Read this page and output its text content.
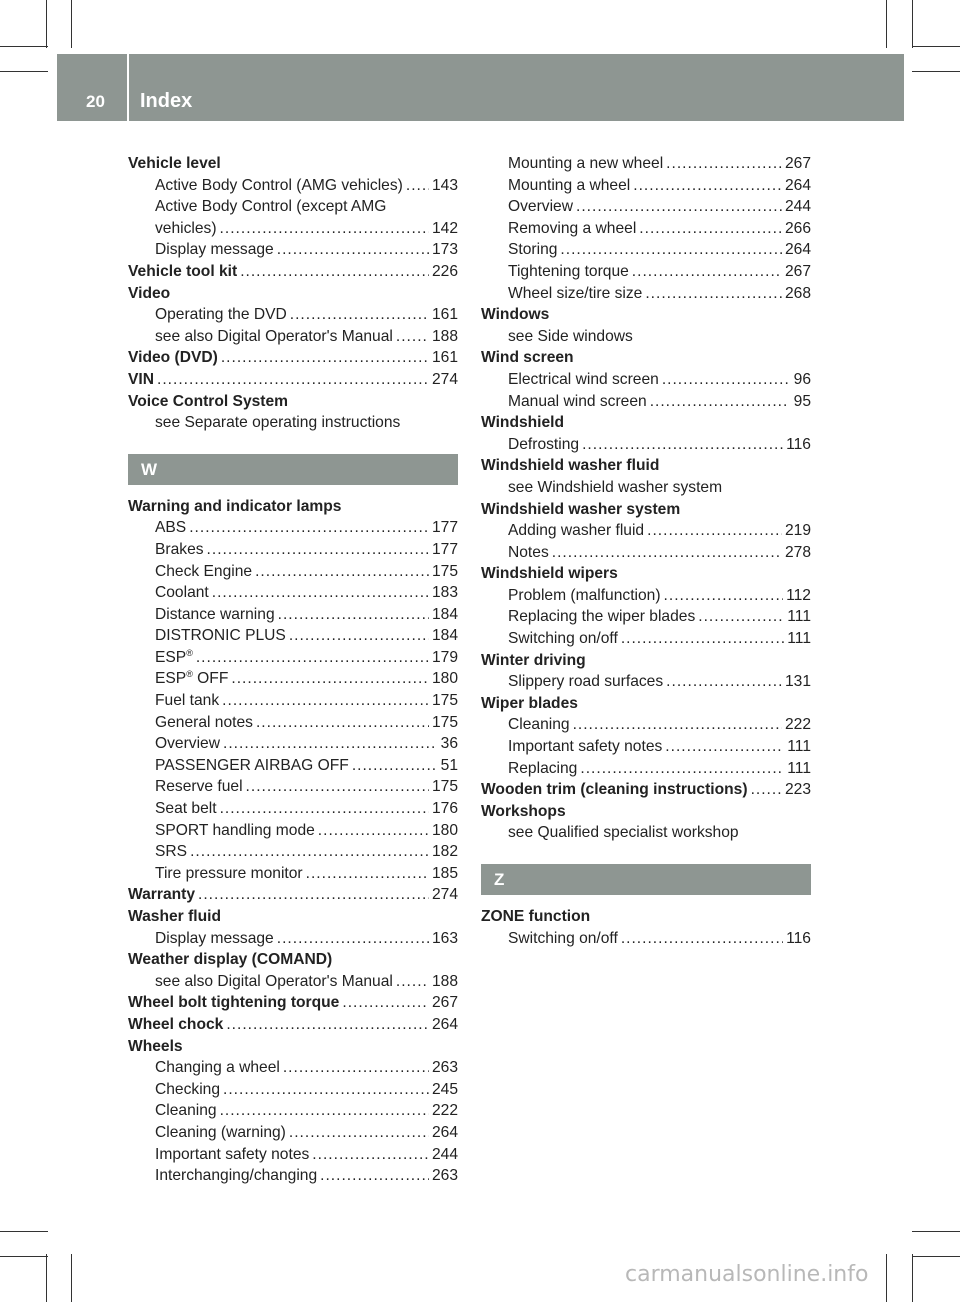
20 Index
Vehicle level
Active Body Control (AMG vehicles) ..... 143
Active Body Control (except AMG
vehicles) .....	142
Display message .....	173
Vehicle tool kit .....	226
Video
Operating the DVD .....	161
see also Digital Operator's Manual .....	188
Video (DVD) .....	161
VIN .....	274
Voice Control System
see Separate operating instructions
W
Warning and indicator lamps
ABS .....	177
Brakes .....	177
Check Engine .....	175
Coolant .....	183
Distance warning .....	184
DISTRONIC PLUS .....	184
ESP® .....	179
ESP® OFF .....	180
Fuel tank .....	175
General notes .....	175
Overview .....	36
PASSENGER AIRBAG OFF .....	51
Reserve fuel .....	175
Seat belt .....	176
SPORT handling mode .....	180
SRS .....	182
Tire pressure monitor .....	185
Warranty .....	274
Washer fluid
Display message .....	163
Weather display (COMAND)
see also Digital Operator's Manual .....	188
Wheel bolt tightening torque .....	267
Wheel chock .....	264
Wheels
Changing a wheel .....	263
Checking .....	245
Cleaning .....	222
Cleaning (warning) .....	264
Important safety notes .....	244
Interchanging/changing .....	263
Mounting a new wheel .....	267
Mounting a wheel .....	264
Overview .....	244
Removing a wheel .....	266
Storing .....	264
Tightening torque .....	267
Wheel size/tire size .....	268
Windows
see Side windows
Wind screen
Electrical wind screen .....	96
Manual wind screen .....	95
Windshield
Defrosting .....	116
Windshield washer fluid
see Windshield washer system
Windshield washer system
Adding washer fluid .....	219
Notes .....	278
Windshield wipers
Problem (malfunction) .....	112
Replacing the wiper blades .....	111
Switching on/off .....	111
Winter driving
Slippery road surfaces .....	131
Wiper blades
Cleaning .....	222
Important safety notes .....	111
Replacing .....	111
Wooden trim (cleaning instructions) ..... 223
Workshops
see Qualified specialist workshop
Z
ZONE function
Switching on/off .....	116
carmanualsonline.info
